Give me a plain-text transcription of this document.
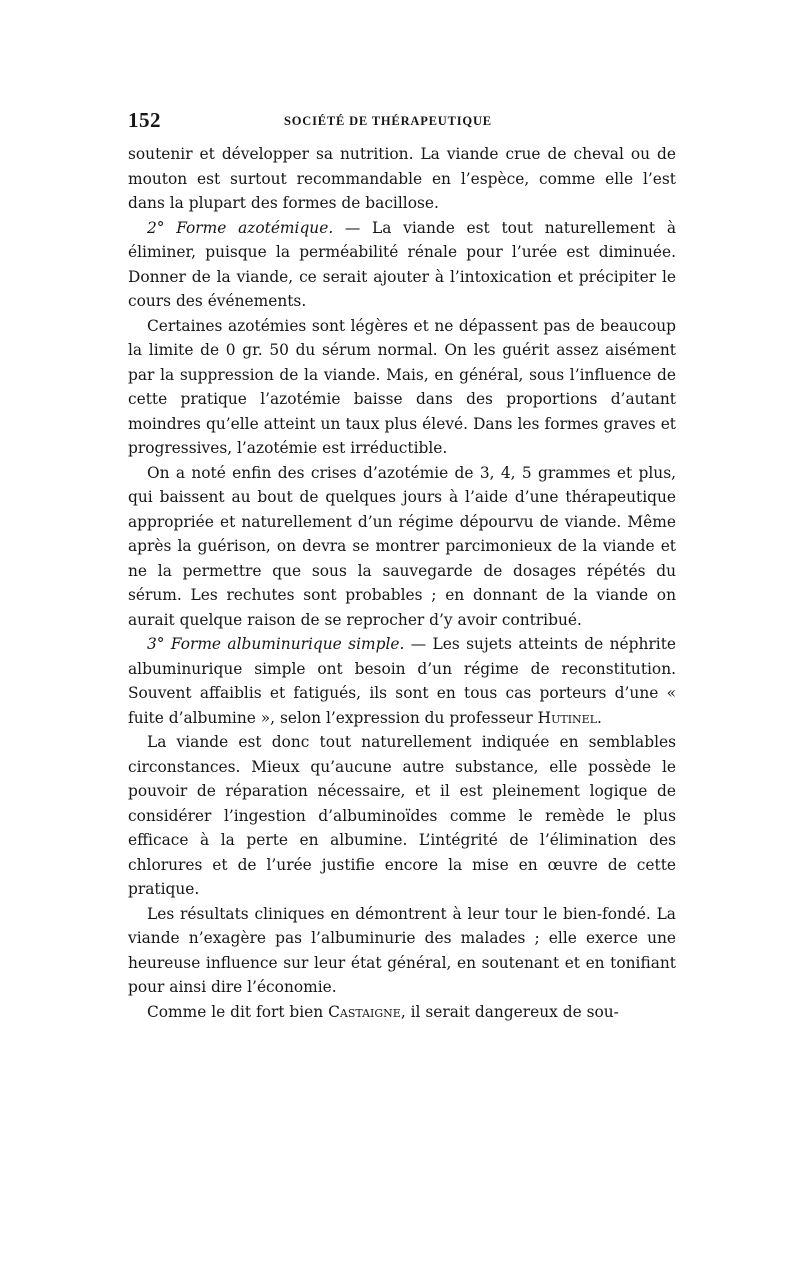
152	SOCIÉTÉ DE THÉRAPEUTIQUE

soutenir et développer sa nutrition. La viande crue de cheval ou de mouton est surtout recommandable en l’espèce, comme elle l’est dans la plupart des formes de bacillose.

2° Forme azotémique. — La viande est tout naturellement à éliminer, puisque la perméabilité rénale pour l’urée est diminuée. Donner de la viande, ce serait ajouter à l’intoxication et précipiter le cours des événements.

Certaines azotémies sont légères et ne dépassent pas de beaucoup la limite de 0 gr. 50 du sérum normal. On les guérit assez aisément par la suppression de la viande. Mais, en général, sous l’influence de cette pratique l’azotémie baisse dans des proportions d’autant moindres qu’elle atteint un taux plus élevé. Dans les formes graves et progressives, l’azotémie est irréductible.

On a noté enfin des crises d’azotémie de 3, 4, 5 grammes et plus, qui baissent au bout de quelques jours à l’aide d’une thérapeutique appropriée et naturellement d’un régime dépourvu de viande. Même après la guérison, on devra se montrer parcimonieux de la viande et ne la permettre que sous la sauvegarde de dosages répétés du sérum. Les rechutes sont probables ; en donnant de la viande on aurait quelque raison de se reprocher d’y avoir contribué.

3° Forme albuminurique simple. — Les sujets atteints de néphrite albuminurique simple ont besoin d’un régime de reconstitution. Souvent affaiblis et fatigués, ils sont en tous cas porteurs d’une « fuite d’albumine », selon l’expression du professeur Hutinel.

La viande est donc tout naturellement indiquée en semblables circonstances. Mieux qu’aucune autre substance, elle possède le pouvoir de réparation nécessaire, et il est pleinement logique de considérer l’ingestion d’albuminoïdes comme le remède le plus efficace à la perte en albumine. L’intégrité de l’élimination des chlorures et de l’urée justifie encore la mise en œuvre de cette pratique.

Les résultats cliniques en démontrent à leur tour le bien-fondé. La viande n’exagère pas l’albuminurie des malades ; elle exerce une heureuse influence sur leur état général, en soutenant et en tonifiant pour ainsi dire l’économie.

Comme le dit fort bien Castaigne, il serait dangereux de sou-
